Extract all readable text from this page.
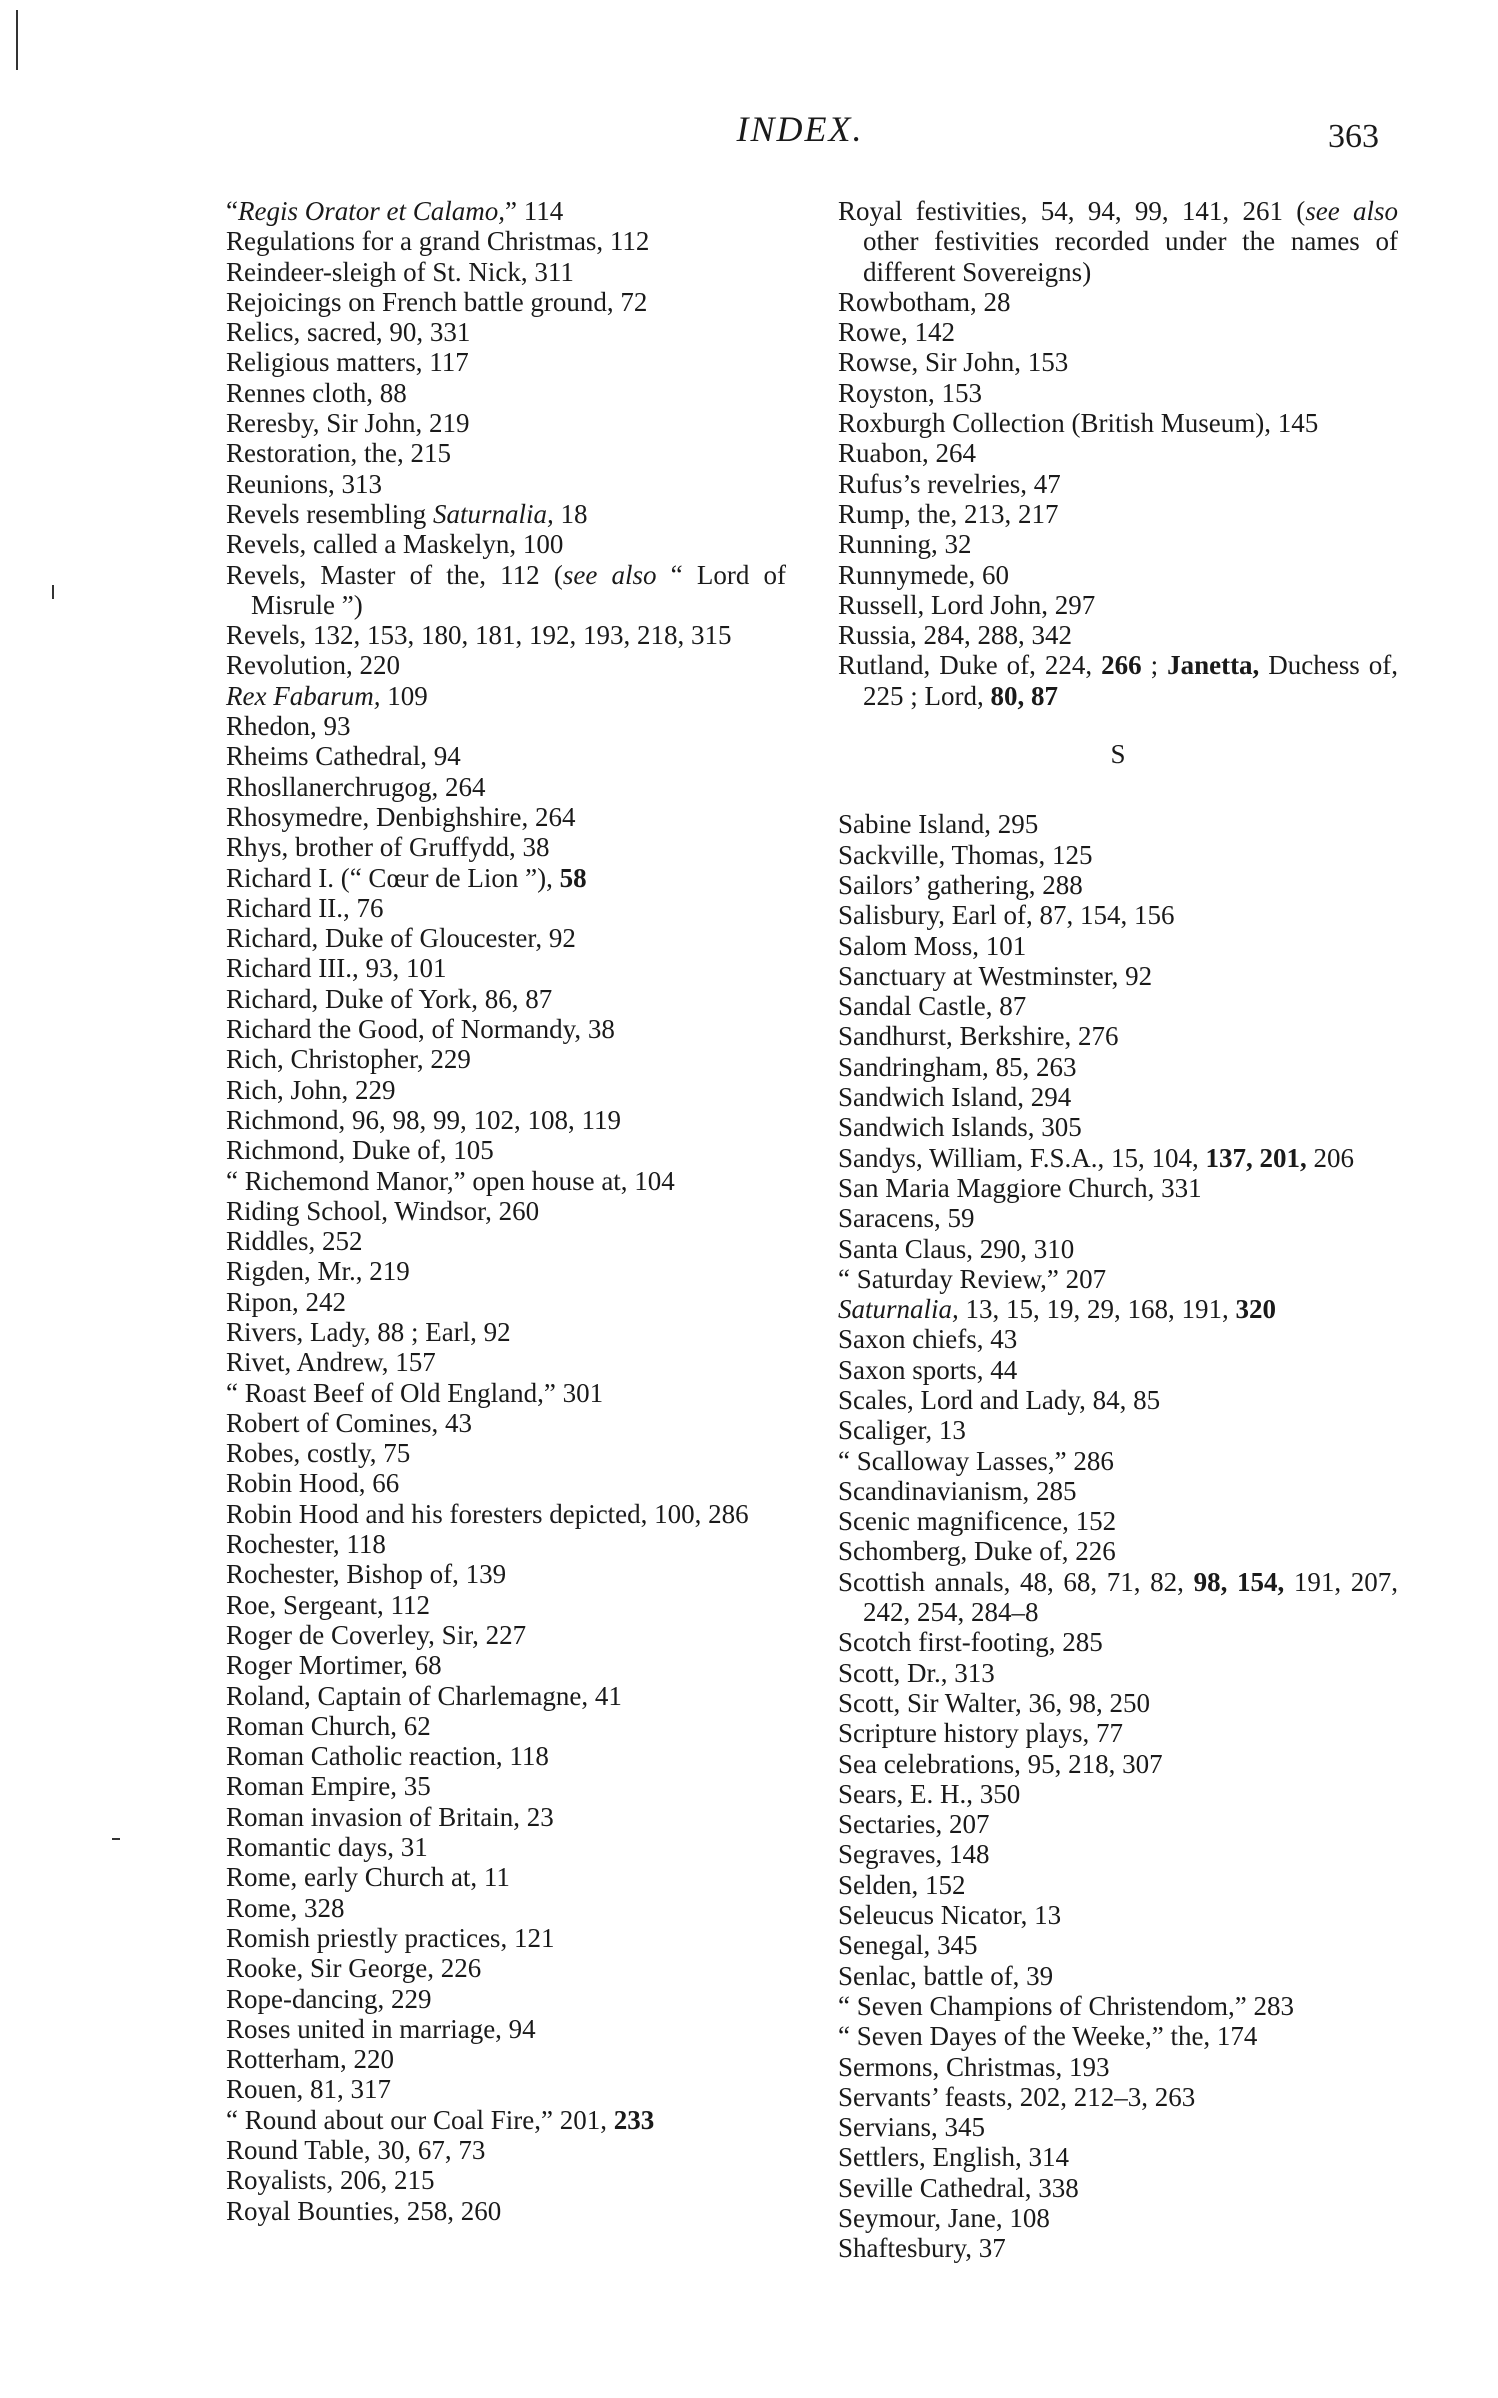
INDEX.	363
“Regis Orator et Calamo,” 114
Regulations for a grand Christmas, 112
Reindeer-sleigh of St. Nick, 311
Rejoicings on French battle ground, 72
Relics, sacred, 90, 331
Religious matters, 117
Rennes cloth, 88
Reresby, Sir John, 219
Restoration, the, 215
Reunions, 313
Revels resembling Saturnalia, 18
Revels, called a Maskelyn, 100
Revels, Master of the, 112 (see also “ Lord of Misrule ”)
Revels, 132, 153, 180, 181, 192, 193, 218, 315
Revolution, 220
Rex Fabarum, 109
Rhedon, 93
Rheims Cathedral, 94
Rhosllanerchrugog, 264
Rhosymedre, Denbighshire, 264
Rhys, brother of Gruffydd, 38
Richard I. (“ Cœur de Lion ”), 58
Richard II., 76
Richard, Duke of Gloucester, 92
Richard III., 93, 101
Richard, Duke of York, 86, 87
Richard the Good, of Normandy, 38
Rich, Christopher, 229
Rich, John, 229
Richmond, 96, 98, 99, 102, 108, 119
Richmond, Duke of, 105
“ Richemond Manor,” open house at, 104
Riding School, Windsor, 260
Riddles, 252
Rigden, Mr., 219
Ripon, 242
Rivers, Lady, 88 ; Earl, 92
Rivet, Andrew, 157
“ Roast Beef of Old England,” 301
Robert of Comines, 43
Robes, costly, 75
Robin Hood, 66
Robin Hood and his foresters depicted, 100, 286
Rochester, 118
Rochester, Bishop of, 139
Roe, Sergeant, 112
Roger de Coverley, Sir, 227
Roger Mortimer, 68
Roland, Captain of Charlemagne, 41
Roman Church, 62
Roman Catholic reaction, 118
Roman Empire, 35
Roman invasion of Britain, 23
Romantic days, 31
Rome, early Church at, 11
Rome, 328
Romish priestly practices, 121
Rooke, Sir George, 226
Rope-dancing, 229
Roses united in marriage, 94
Rotterham, 220
Rouen, 81, 317
“ Round about our Coal Fire,” 201, 233
Round Table, 30, 67, 73
Royalists, 206, 215
Royal Bounties, 258, 260
Royal festivities, 54, 94, 99, 141, 261 (see also other festivities recorded under the names of different Sovereigns)
Rowbotham, 28
Rowe, 142
Rowse, Sir John, 153
Royston, 153
Roxburgh Collection (British Museum), 145
Ruabon, 264
Rufus’s revelries, 47
Rump, the, 213, 217
Running, 32
Runnymede, 60
Russell, Lord John, 297
Russia, 284, 288, 342
Rutland, Duke of, 224, 266 ; Janetta, Duchess of, 225 ; Lord, 80, 87
S
Sabine Island, 295
Sackville, Thomas, 125
Sailors’ gathering, 288
Salisbury, Earl of, 87, 154, 156
Salom Moss, 101
Sanctuary at Westminster, 92
Sandal Castle, 87
Sandhurst, Berkshire, 276
Sandringham, 85, 263
Sandwich Island, 294
Sandwich Islands, 305
Sandys, William, F.S.A., 15, 104, 137, 201, 206
San Maria Maggiore Church, 331
Saracens, 59
Santa Claus, 290, 310
“ Saturday Review,” 207
Saturnalia, 13, 15, 19, 29, 168, 191, 320
Saxon chiefs, 43
Saxon sports, 44
Scales, Lord and Lady, 84, 85
Scaliger, 13
“ Scalloway Lasses,” 286
Scandinavianism, 285
Scenic magnificence, 152
Schomberg, Duke of, 226
Scottish annals, 48, 68, 71, 82, 98, 154, 191, 207, 242, 254, 284–8
Scotch first-footing, 285
Scott, Dr., 313
Scott, Sir Walter, 36, 98, 250
Scripture history plays, 77
Sea celebrations, 95, 218, 307
Sears, E. H., 350
Sectaries, 207
Segraves, 148
Selden, 152
Seleucus Nicator, 13
Senegal, 345
Senlac, battle of, 39
“ Seven Champions of Christendom,” 283
“ Seven Dayes of the Weeke,” the, 174
Sermons, Christmas, 193
Servants’ feasts, 202, 212–3, 263
Servians, 345
Settlers, English, 314
Seville Cathedral, 338
Seymour, Jane, 108
Shaftesbury, 37
